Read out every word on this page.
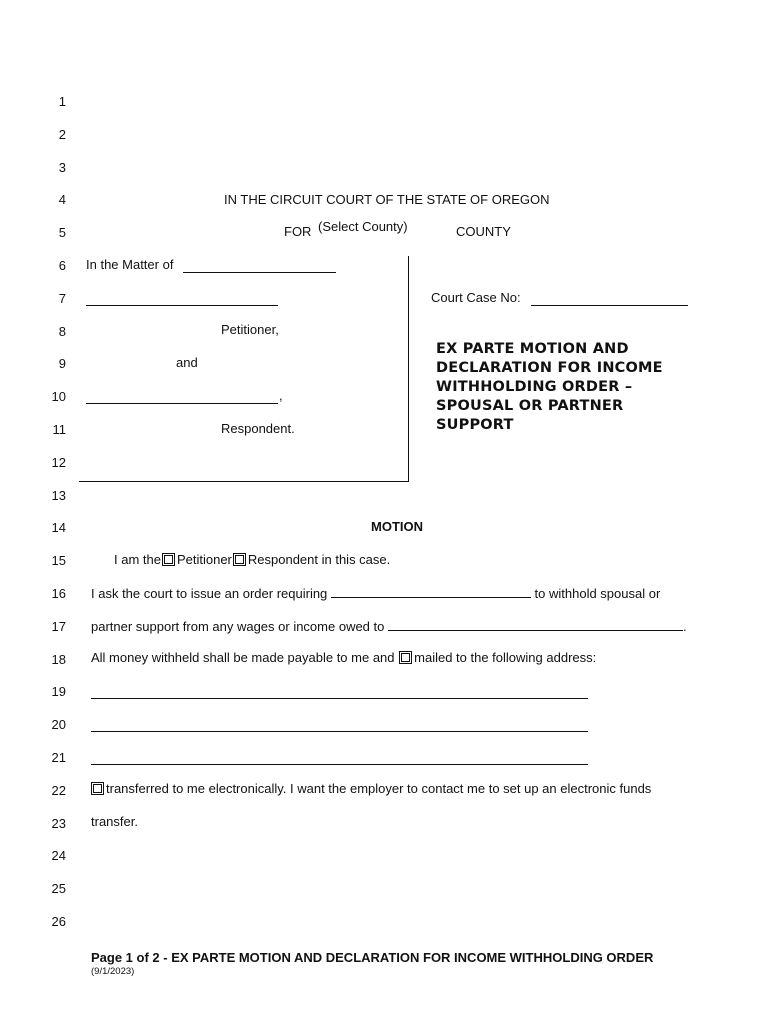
1
2
3
4
5
6
7
8
9
10
11
12
13
14
15
16
17
18
19
20
21
22
23
24
25
26
IN THE CIRCUIT COURT OF THE STATE OF OREGON
FOR (Select County)	COUNTY
In the Matter of
Petitioner,
and
,
Respondent.
Court Case No:
EX PARTE MOTION AND
DECLARATION FOR INCOME
WITHHOLDING ORDER –
SPOUSAL OR PARTNER
SUPPORT
MOTION
I am the Petitioner Respondent in this case.
I ask the court to issue an order requiring	to withhold spousal or
partner support from any wages or income owed to	.
All money withheld shall be made payable to me and mailed to the following address:
transferred to me electronically. I want the employer to contact me to set up an electronic funds
transfer.
Page 1 of 2 - EX PARTE MOTION AND DECLARATION FOR INCOME WITHHOLDING ORDER
(9/1/2023)
